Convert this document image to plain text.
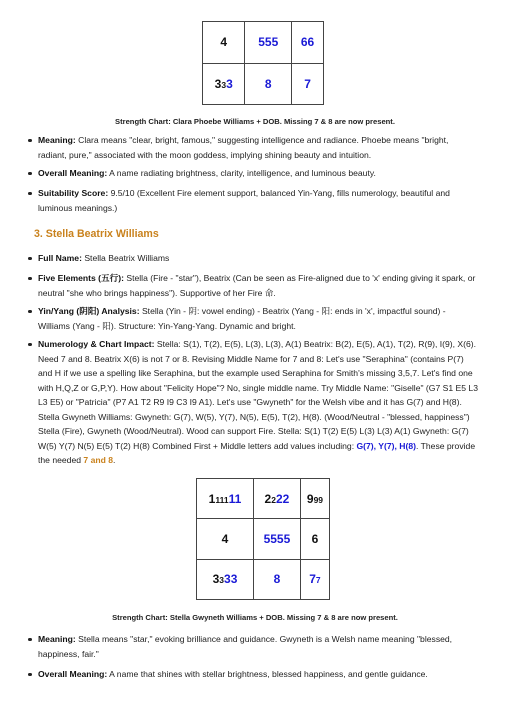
4	555	66
333	8	7
Strength Chart: Clara Phoebe Williams + DOB. Missing 7 & 8 are now present.
Meaning: Clara means "clear, bright, famous," suggesting intelligence and radiance. Phoebe means "bright, radiant, pure," associated with the moon goddess, implying shining beauty and intuition.
Overall Meaning: A name radiating brightness, clarity, intelligence, and luminous beauty.
Suitability Score: 9.5/10 (Excellent Fire element support, balanced Yin-Yang, fills numerology, beautiful and luminous meanings.)
3. Stella Beatrix Williams
Full Name: Stella Beatrix Williams
Five Elements (五行): Stella (Fire - "star"), Beatrix (Can be seen as Fire-aligned due to 'x' ending giving it spark, or neutral "she who brings happiness"). Supportive of her Fire 命.
Yin/Yang (阴阳) Analysis: Stella (Yin - 阴: vowel ending) - Beatrix (Yang - 阳: ends in 'x', impactful sound) - Williams (Yang - 阳). Structure: Yin-Yang-Yang. Dynamic and bright.
Numerology & Chart Impact: Stella: S(1), T(2), E(5), L(3), L(3), A(1) Beatrix: B(2), E(5), A(1), T(2), R(9), I(9), X(6). Need 7 and 8. Beatrix X(6) is not 7 or 8. Revising Middle Name for 7 and 8: Let's use "Seraphina" (contains P(7) and H if we use a spelling like Seraphina, but the example used Seraphina for Smith's missing 3,5,7. Let's find one with H,Q,Z or G,P,Y). How about "Felicity Hope"? No, single middle name. Try Middle Name: "Giselle" (G7 S1 E5 L3 L3 E5) or "Patricia" (P7 A1 T2 R9 I9 C3 I9 A1). Let's use "Gwyneth" for the Welsh vibe and it has G(7) and H(8). Stella Gwyneth Williams: Gwyneth: G(7), W(5), Y(7), N(5), E(5), T(2), H(8). (Wood/Neutral - "blessed, happiness") Stella (Fire), Gwyneth (Wood/Neutral). Wood can support Fire. Stella: S(1) T(2) E(5) L(3) L(3) A(1) Gwyneth: G(7) W(5) Y(7) N(5) E(5) T(2) H(8) Combined First + Middle letters add values including: G(7), Y(7), H(8). These provide the needed 7 and 8.
111111	2222	999
4	5555	6
3333	8	77
Strength Chart: Stella Gwyneth Williams + DOB. Missing 7 & 8 are now present.
Meaning: Stella means "star," evoking brilliance and guidance. Gwyneth is a Welsh name meaning "blessed, happiness, fair."
Overall Meaning: A name that shines with stellar brightness, blessed happiness, and gentle guidance.
